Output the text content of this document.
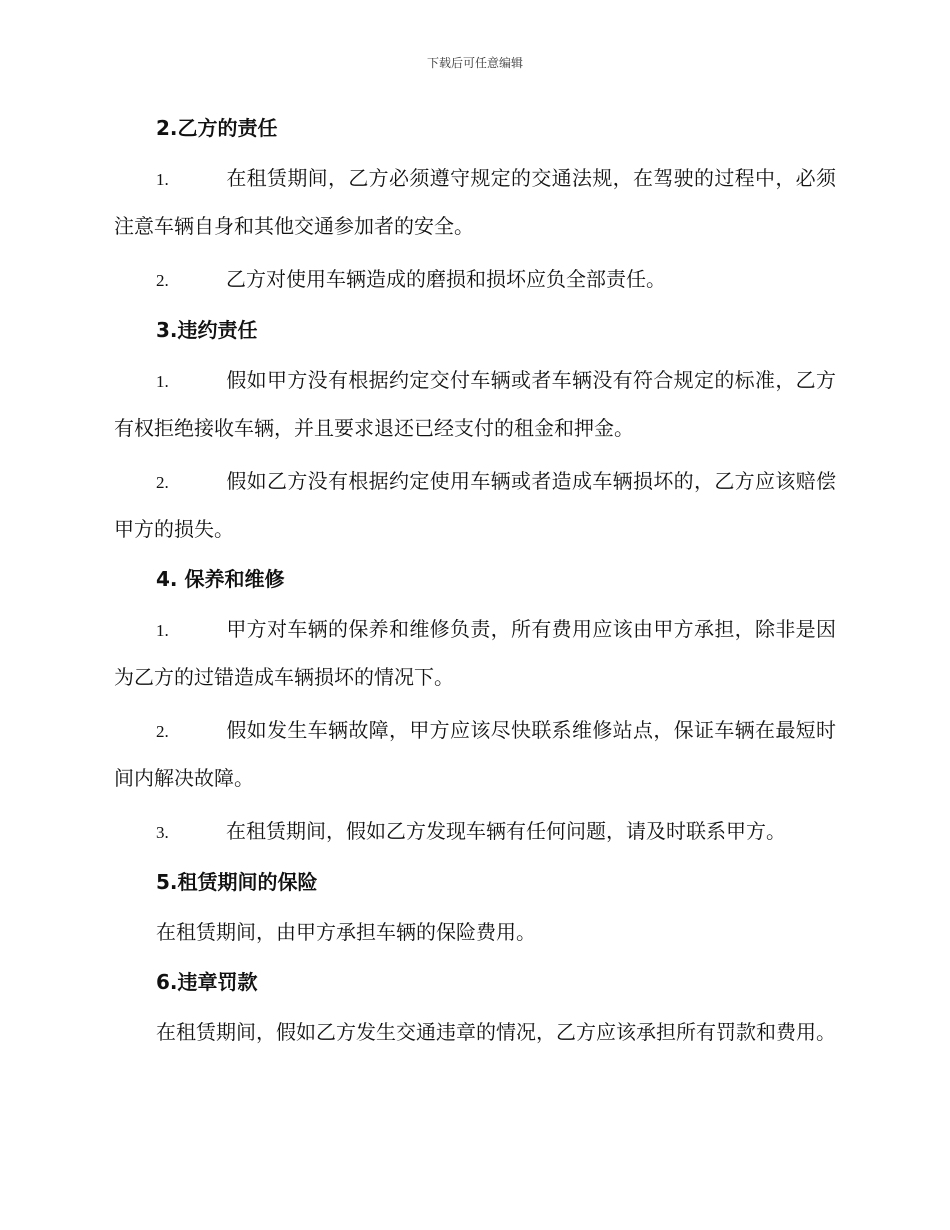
下载后可任意编辑
2.乙方的责任

1.	在租赁期间，乙方必须遵守规定的交通法规，在驾驶的过程中，必须注意车辆自身和其他交通参加者的安全。

2.	乙方对使用车辆造成的磨损和损坏应负全部责任。

3.违约责任

1.	假如甲方没有根据约定交付车辆或者车辆没有符合规定的标准，乙方有权拒绝接收车辆，并且要求退还已经支付的租金和押金。

2.	假如乙方没有根据约定使用车辆或者造成车辆损坏的，乙方应该赔偿甲方的损失。

4. 保养和维修

1.	甲方对车辆的保养和维修负责，所有费用应该由甲方承担，除非是因为乙方的过错造成车辆损坏的情况下。

2.	假如发生车辆故障，甲方应该尽快联系维修站点，保证车辆在最短时间内解决故障。

3.	在租赁期间，假如乙方发现车辆有任何问题，请及时联系甲方。

5.租赁期间的保险

在租赁期间，由甲方承担车辆的保险费用。

6.违章罚款

在租赁期间，假如乙方发生交通违章的情况，乙方应该承担所有罚款和费用。
